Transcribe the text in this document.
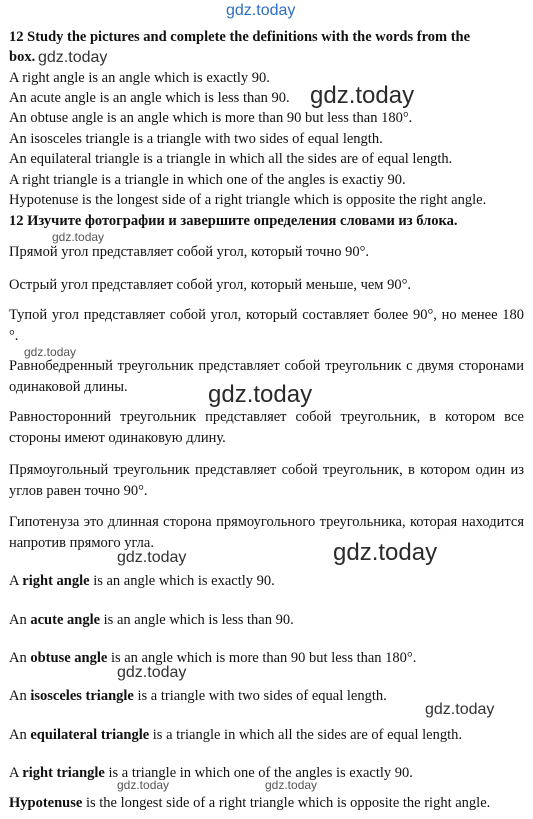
gdz.today
12 Study the pictures and complete the definitions with the words from the
box. gdz.today
A right angle is an angle which is exactly 90.
An acute angle is an angle which is less than 90. gdz.today
An obtuse angle is an angle which is more than 90 but less than 180°.
An isosceles triangle is a triangle with two sides of equal length.
An equilateral triangle is a triangle in which all the sides are of equal length.
A right triangle is a triangle in which one of the angles is exactiy 90.
Hypotenuse is the longest side of a right triangle which is opposite the right angle.
12 Изучите фотографии и завершите определения словами из блока.
gdz.today
Прямой угол представляет собой угол, который точно 90°.
Острый угол представляет собой угол, который меньше, чем 90°.
Тупой угол представляет собой угол, который составляет более 90°, но менее 180 °.
gdz.today
Равнобедренный треугольник представляет собой треугольник с двумя сторонами одинаковой длины.	gdz.today
Равносторонний треугольник представляет собой треугольник, в котором все стороны имеют одинаковую длину.
Прямоугольный треугольник представляет собой треугольник, в котором один из углов равен точно 90°.
Гипотенуза это длинная сторона прямоугольного треугольника, которая находится напротив прямого угла.
gdz.today	gdz.today
A right angle is an angle which is exactly 90.
An acute angle is an angle which is less than 90.
An obtuse angle is an angle which is more than 90 but less than 180°.
gdz.today
An isosceles triangle is a triangle with two sides of equal length.
gdz.today
An equilateral triangle is a triangle in which all the sides are of equal length.
A right triangle is a triangle in which one of the angles is exactly 90.
gdz.today	gdz.today
Hypotenuse is the longest side of a right triangle which is opposite the right angle.
